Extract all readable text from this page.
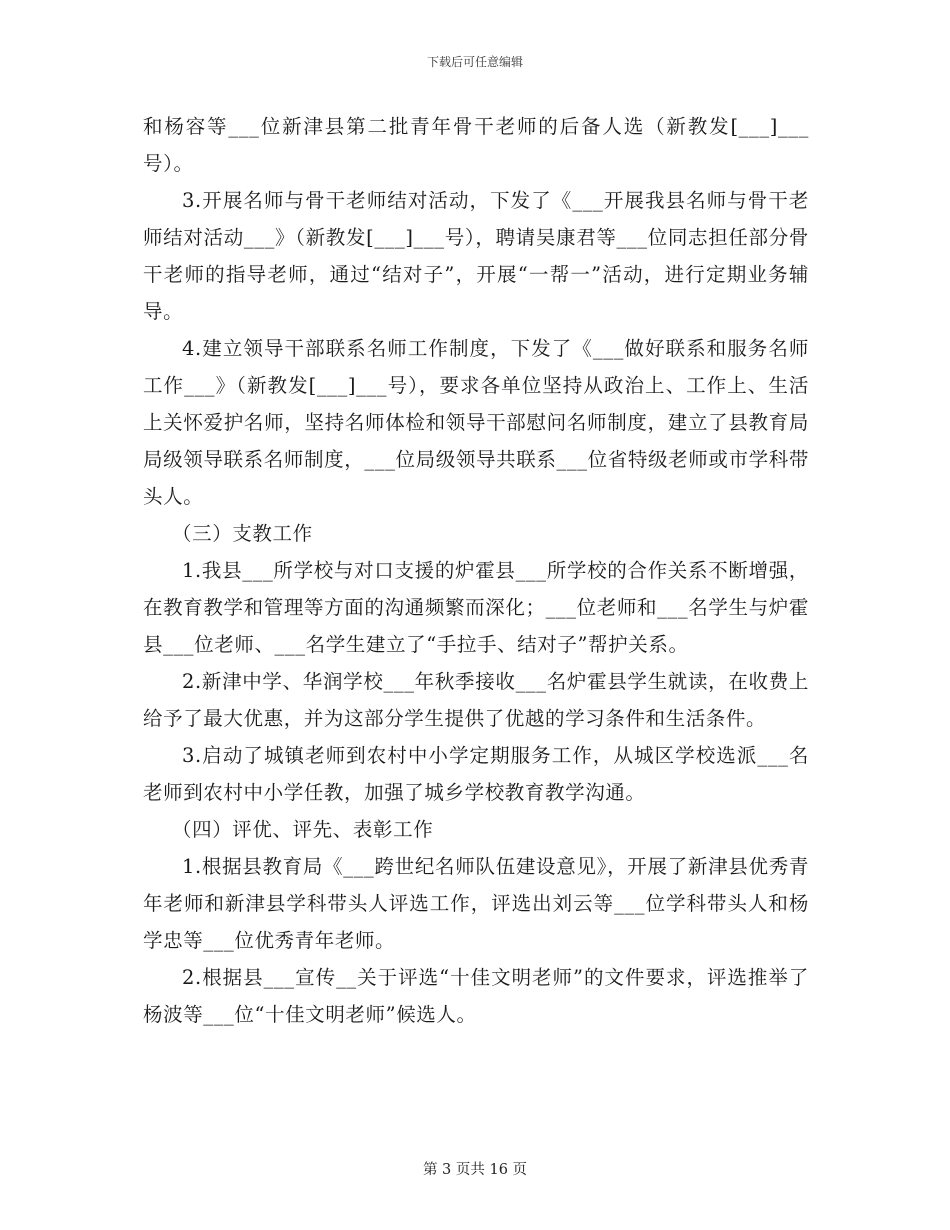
下载后可任意编辑

和杨容等___位新津县第二批青年骨干老师的后备人选（新教发[___]___号）。

3.开展名师与骨干老师结对活动，下发了《___开展我县名师与骨干老师结对活动___》（新教发[___]___号），聘请吴康君等___位同志担任部分骨干老师的指导老师，通过“结对子”，开展“一帮一”活动，进行定期业务辅导。

4.建立领导干部联系名师工作制度，下发了《___做好联系和服务名师工作___》（新教发[___]___号），要求各单位坚持从政治上、工作上、生活上关怀爱护名师，坚持名师体检和领导干部慰问名师制度，建立了县教育局局级领导联系名师制度，___位局级领导共联系___位省特级老师或市学科带头人。

（三）支教工作

1.我县___所学校与对口支援的炉霍县___所学校的合作关系不断增强，在教育教学和管理等方面的沟通频繁而深化；___位老师和___名学生与炉霍县___位老师、___名学生建立了“手拉手、结对子”帮护关系。

2.新津中学、华润学校___年秋季接收___名炉霍县学生就读，在收费上给予了最大优惠，并为这部分学生提供了优越的学习条件和生活条件。

3.启动了城镇老师到农村中小学定期服务工作，从城区学校选派___名老师到农村中小学任教，加强了城乡学校教育教学沟通。

（四）评优、评先、表彰工作

1.根据县教育局《___跨世纪名师队伍建设意见》，开展了新津县优秀青年老师和新津县学科带头人评选工作，评选出刘云等___位学科带头人和杨学忠等___位优秀青年老师。

2.根据县___宣传__关于评选“十佳文明老师”的文件要求，评选推举了杨波等___位“十佳文明老师”候选人。

第 3 页共 16 页
